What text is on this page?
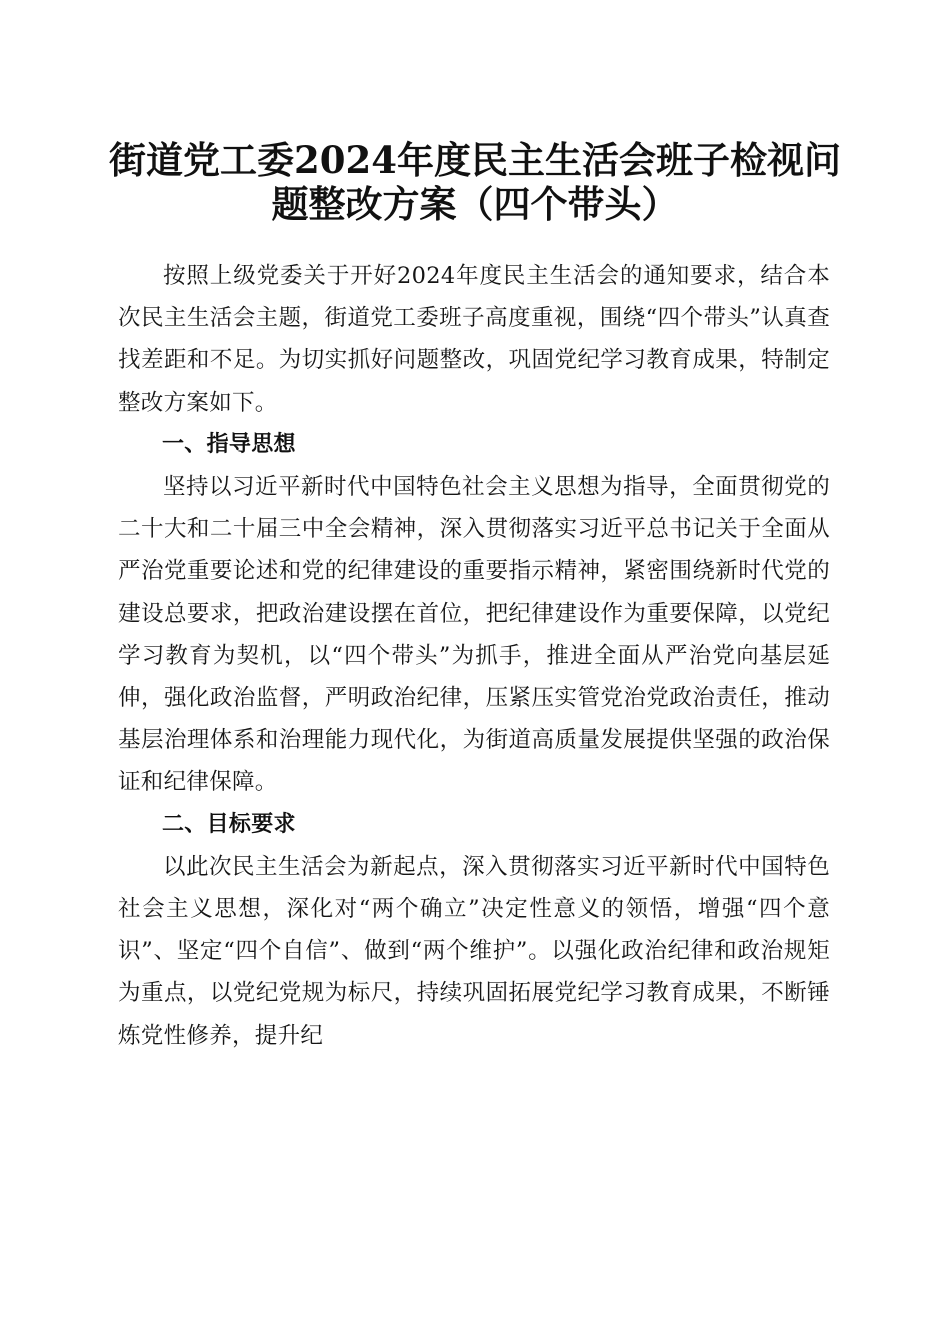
街道党工委2024年度民主生活会班子检视问
题整改方案（四个带头）

按照上级党委关于开好2024年度民主生活会的通知要求，结合本次民主生活会主题，街道党工委班子高度重视，围绕“四个带头”认真查找差距和不足。为切实抓好问题整改，巩固党纪学习教育成果，特制定整改方案如下。

一、指导思想

坚持以习近平新时代中国特色社会主义思想为指导，全面贯彻党的二十大和二十届三中全会精神，深入贯彻落实习近平总书记关于全面从严治党重要论述和党的纪律建设的重要指示精神，紧密围绕新时代党的建设总要求，把政治建设摆在首位，把纪律建设作为重要保障，以党纪学习教育为契机，以“四个带头”为抓手，推进全面从严治党向基层延伸，强化政治监督，严明政治纪律，压紧压实管党治党政治责任，推动基层治理体系和治理能力现代化，为街道高质量发展提供坚强的政治保证和纪律保障。

二、目标要求

以此次民主生活会为新起点，深入贯彻落实习近平新时代中国特色社会主义思想，深化对“两个确立”决定性意义的领悟，增强“四个意识”、坚定“四个自信”、做到“两个维护”。以强化政治纪律和政治规矩为重点，以党纪党规为标尺，持续巩固拓展党纪学习教育成果，不断锤炼党性修养，提升纪
